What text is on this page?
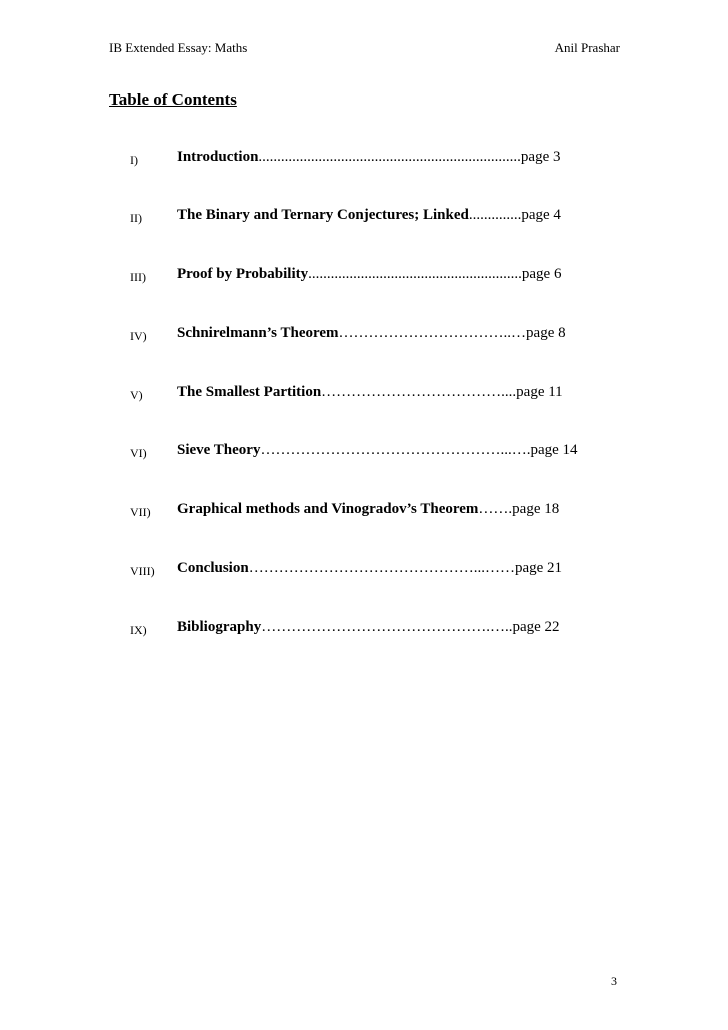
IB Extended Essay: Maths	Anil Prashar
Table of Contents
I)	Introduction......................................................................page 3
II) The Binary and Ternary Conjectures; Linked..............page 4
III) Proof by Probability.........................................................page 6
IV) Schnirelmann’s Theorem……………………………..…page 8
V) The Smallest Partition………………………………....page 11
VI) Sieve Theory…………………………………………...….page 14
VII) Graphical methods and Vinogradov’s Theorem…….page 18
VIII) Conclusion………………………………………...……page 21
IX) Bibliography……………………………………….…..page 22
3
